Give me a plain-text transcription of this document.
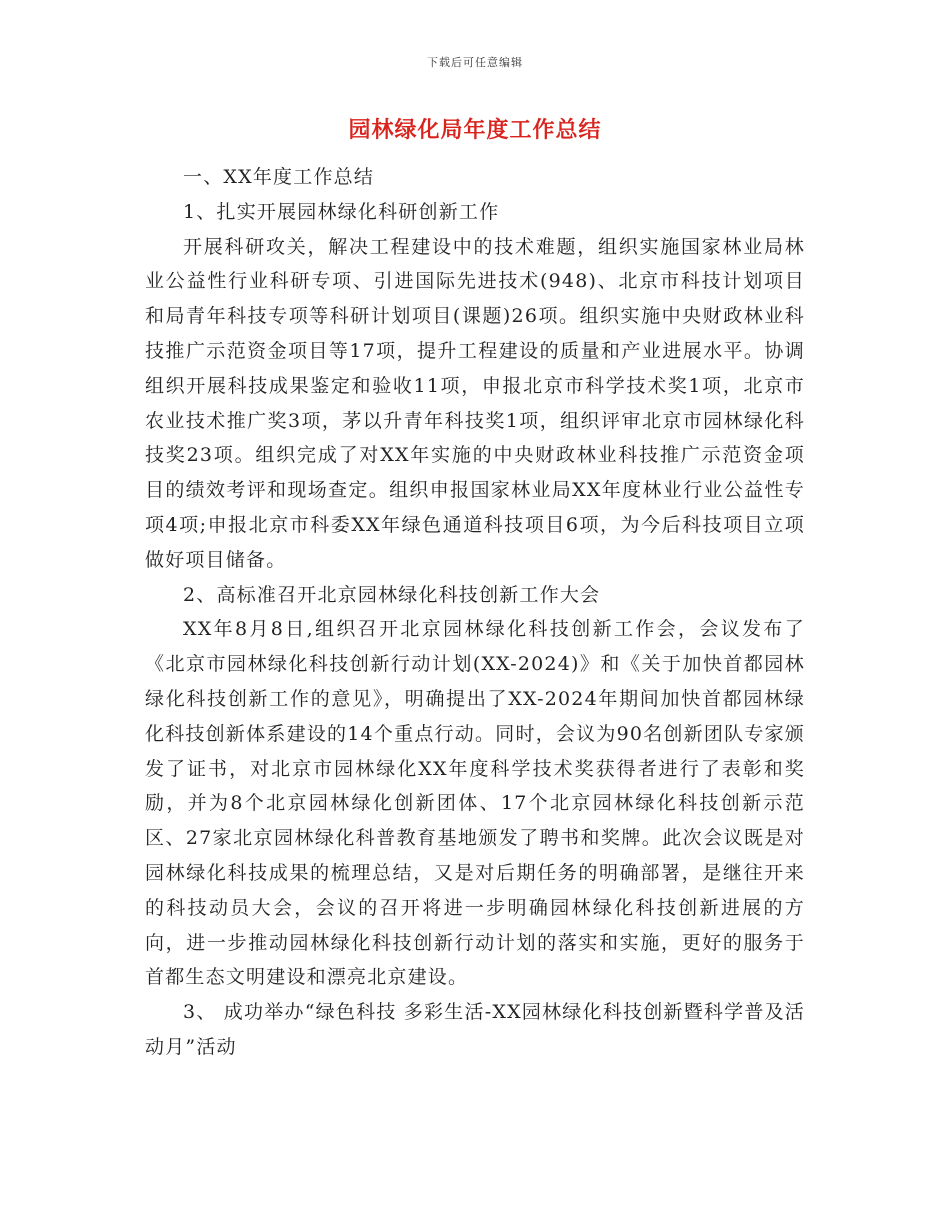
下载后可任意编辑
园林绿化局年度工作总结

一、XX年度工作总结

1、扎实开展园林绿化科研创新工作

开展科研攻关，解决工程建设中的技术难题，组织实施国家林业局林业公益性行业科研专项、引进国际先进技术(948)、北京市科技计划项目和局青年科技专项等科研计划项目(课题)26项。组织实施中央财政林业科技推广示范资金项目等17项，提升工程建设的质量和产业进展水平。协调组织开展科技成果鉴定和验收11项，申报北京市科学技术奖1项，北京市农业技术推广奖3项，茅以升青年科技奖1项，组织评审北京市园林绿化科技奖23项。组织完成了对XX年实施的中央财政林业科技推广示范资金项目的绩效考评和现场查定。组织申报国家林业局XX年度林业行业公益性专项4项;申报北京市科委XX年绿色通道科技项目6项，为今后科技项目立项做好项目储备。

2、高标准召开北京园林绿化科技创新工作大会

XX年8月8日,组织召开北京园林绿化科技创新工作会，会议发布了《北京市园林绿化科技创新行动计划(XX-2024)》和《关于加快首都园林绿化科技创新工作的意见》，明确提出了XX-2024年期间加快首都园林绿化科技创新体系建设的14个重点行动。同时，会议为90名创新团队专家颁发了证书，对北京市园林绿化XX年度科学技术奖获得者进行了表彰和奖励，并为8个北京园林绿化创新团体、17个北京园林绿化科技创新示范区、27家北京园林绿化科普教育基地颁发了聘书和奖牌。此次会议既是对园林绿化科技成果的梳理总结，又是对后期任务的明确部署，是继往开来的科技动员大会，会议的召开将进一步明确园林绿化科技创新进展的方向，进一步推动园林绿化科技创新行动计划的落实和实施，更好的服务于首都生态文明建设和漂亮北京建设。

3、 成功举办“绿色科技 多彩生活-XX园林绿化科技创新暨科学普及活动月”活动
